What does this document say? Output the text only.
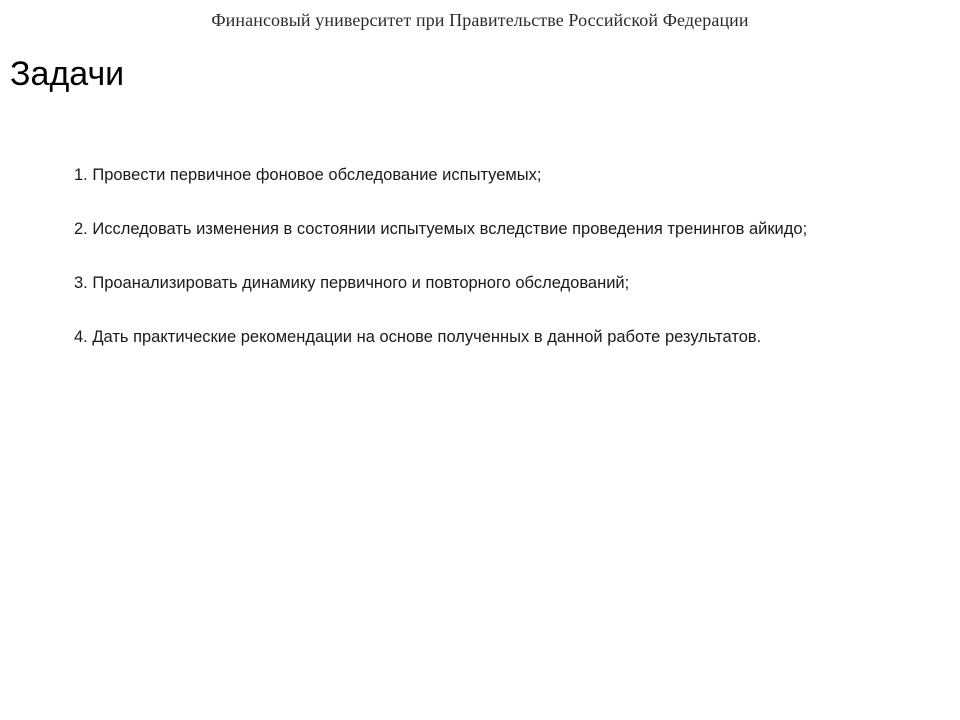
Финансовый университет при Правительстве Российской Федерации
Задачи
1. Провести первичное фоновое обследование испытуемых;
2. Исследовать изменения в состоянии испытуемых вследствие проведения тренингов айкидо;
3. Проанализировать динамику первичного и повторного обследований;
4. Дать практические рекомендации на основе полученных в данной работе результатов.
